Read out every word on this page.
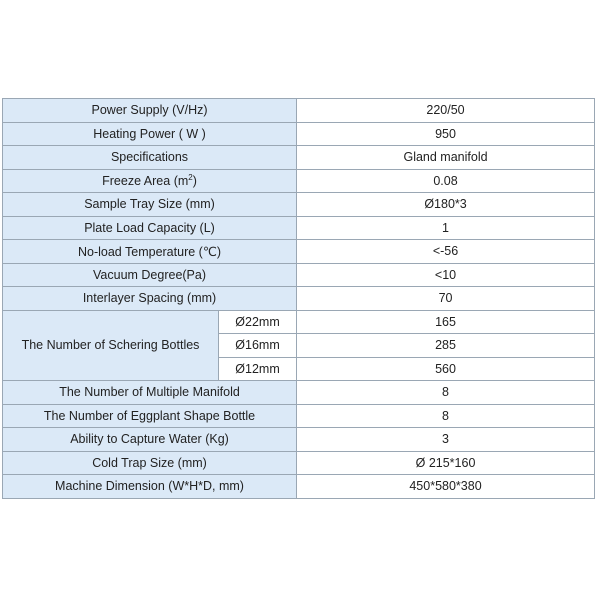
Power Supply (V/Hz)		220/50
Heating Power ( W )		950
Specifications		Gland manifold
Freeze Area $(m^2)$		0.08
Sample Tray Size (mm)		Ø180*3
Plate Load Capacity (L)		1
No-load Temperature (℃)		<-56
Vacuum Degree(Pa)		<10
Interlayer Spacing (mm)		70
The Number of Schering Bottles	Ø22mm	165
	Ø16mm	285
	Ø12mm	560
The Number of Multiple Manifold		8
The Number of Eggplant Shape Bottle		8
Ability to Capture Water (Kg)		3
Cold Trap Size (mm)		Ø 215*160
Machine Dimension (W*H*D, mm)		450*580*380
